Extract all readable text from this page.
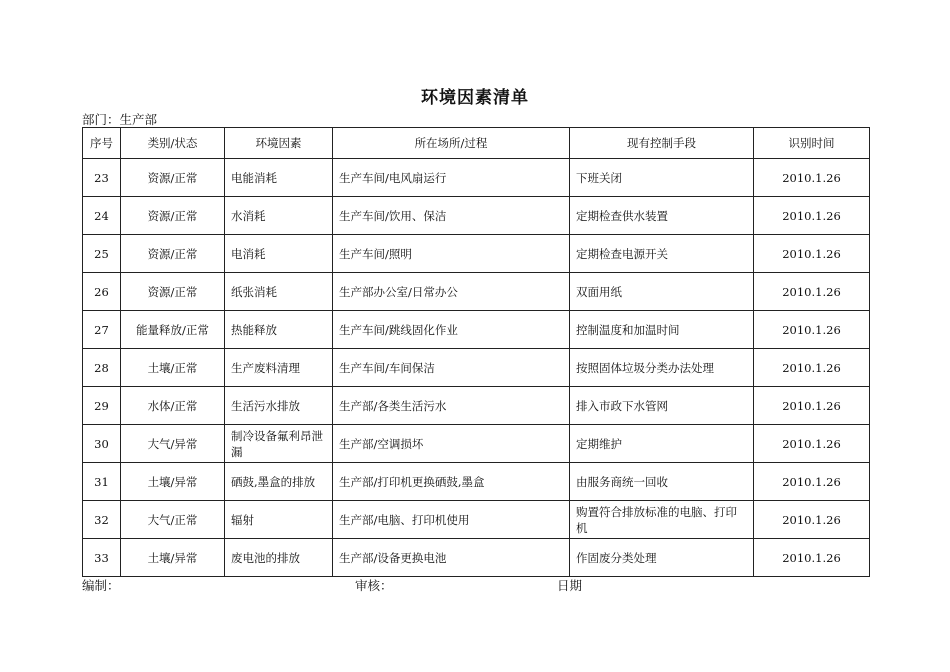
环境因素清单
部门：生产部
序号	类别/状态	环境因素	所在场所/过程	现有控制手段	识别时间
23	资源/正常	电能消耗	生产车间/电风扇运行	下班关闭	2010.1.26
24	资源/正常	水消耗	生产车间/饮用、保洁	定期检查供水装置	2010.1.26
25	资源/正常	电消耗	生产车间/照明	定期检查电源开关	2010.1.26
26	资源/正常	纸张消耗	生产部办公室/日常办公	双面用纸	2010.1.26
27	能量释放/正常	热能释放	生产车间/跳线固化作业	控制温度和加温时间	2010.1.26
28	土壤/正常	生产废料清理	生产车间/车间保洁	按照固体垃圾分类办法处理	2010.1.26
29	水体/正常	生活污水排放	生产部/各类生活污水	排入市政下水管网	2010.1.26
30	大气/异常	制冷设备氟利昂泄漏	生产部/空调损坏	定期维护	2010.1.26
31	土壤/异常	硒鼓,墨盒的排放	生产部/打印机更换硒鼓,墨盒	由服务商统一回收	2010.1.26
32	大气/正常	辐射	生产部/电脑、打印机使用	购置符合排放标准的电脑、打印机	2010.1.26
33	土壤/异常	废电池的排放	生产部/设备更换电池	作固废分类处理	2010.1.26
编制：	审核：	日期
